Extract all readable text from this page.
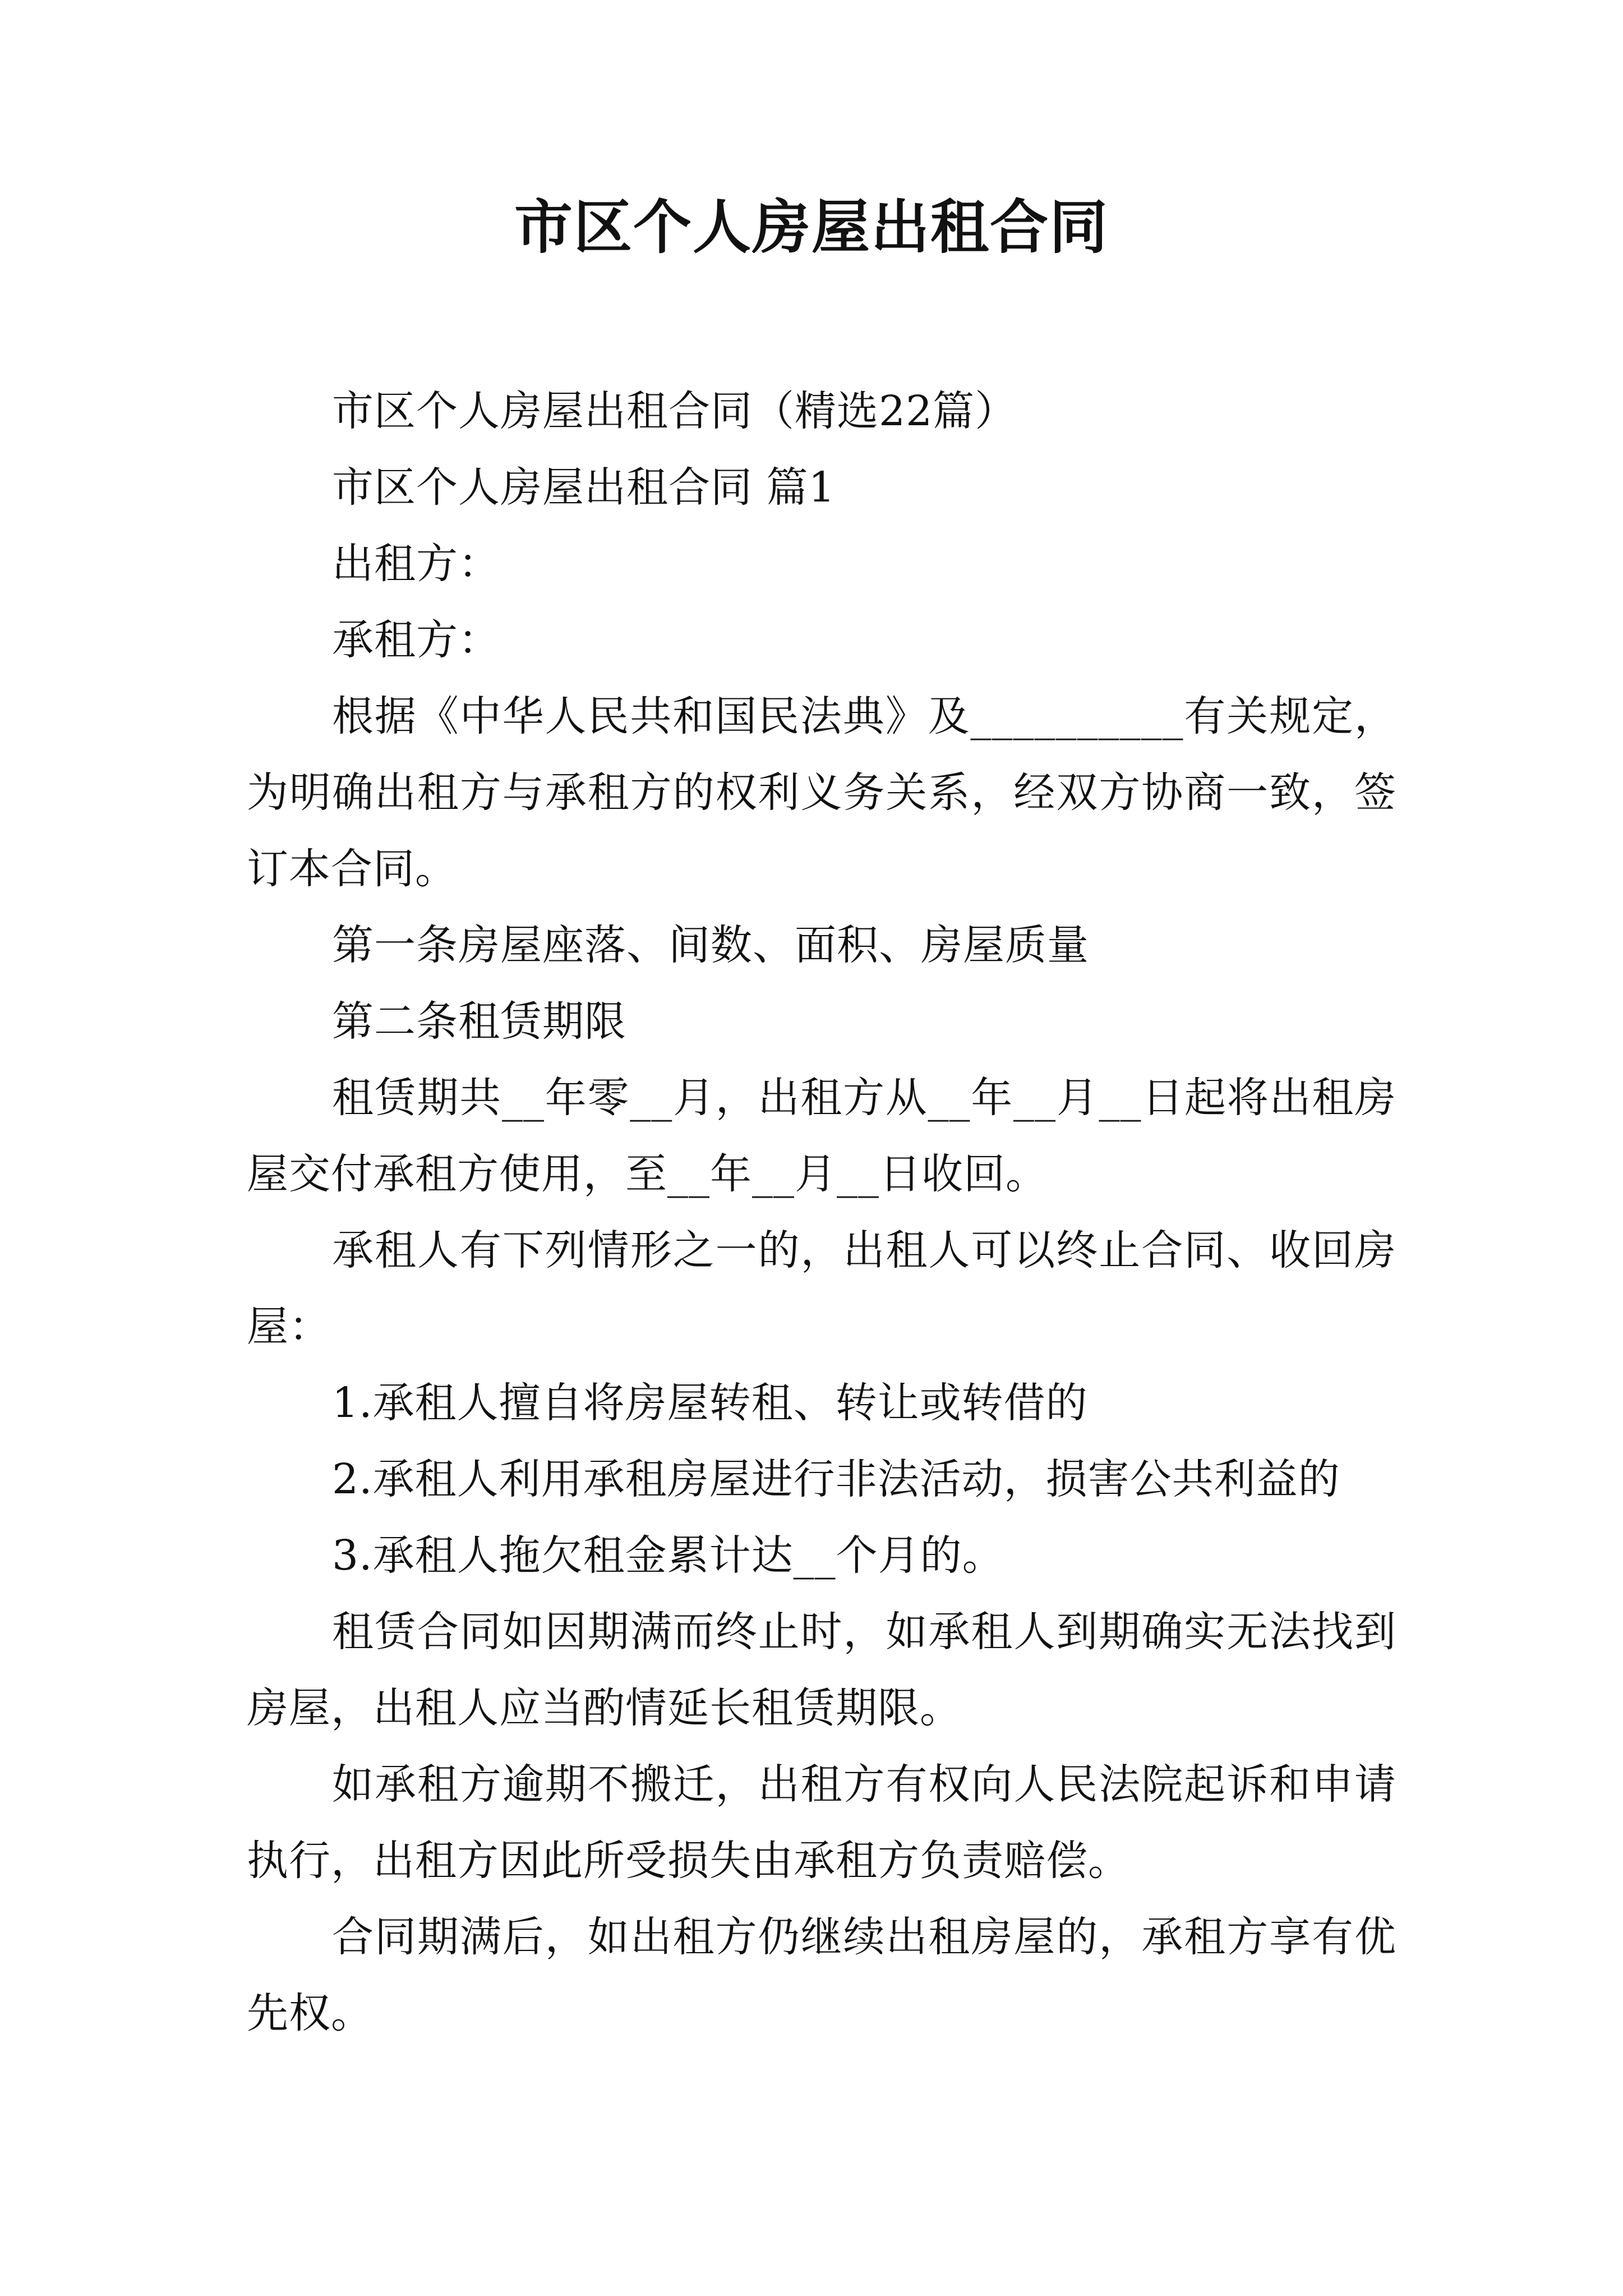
市区个人房屋出租合同

市区个人房屋出租合同（精选22篇）

市区个人房屋出租合同 篇1

出租方：

承租方：

根据《中华人民共和国民法典》及__________有关规定，为明确出租方与承租方的权利义务关系，经双方协商一致，签订本合同。

第一条房屋座落、间数、面积、房屋质量

第二条租赁期限

租赁期共__年零__月，出租方从__年__月__日起将出租房屋交付承租方使用，至__年__月__日收回。

承租人有下列情形之一的，出租人可以终止合同、收回房屋：

1.承租人擅自将房屋转租、转让或转借的

2.承租人利用承租房屋进行非法活动，损害公共利益的

3.承租人拖欠租金累计达__个月的。

租赁合同如因期满而终止时，如承租人到期确实无法找到房屋，出租人应当酌情延长租赁期限。

如承租方逾期不搬迁，出租方有权向人民法院起诉和申请执行，出租方因此所受损失由承租方负责赔偿。

合同期满后，如出租方仍继续出租房屋的，承租方享有优先权。
